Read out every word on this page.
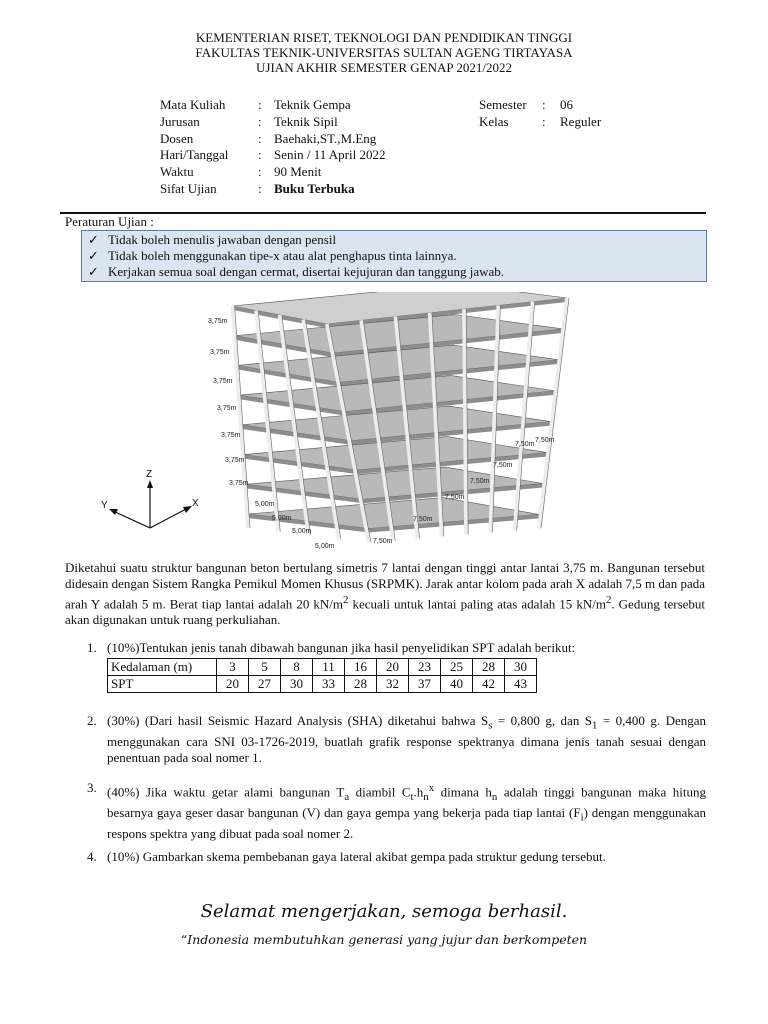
KEMENTERIAN RISET, TEKNOLOGI DAN PENDIDIKAN TINGGI
FAKULTAS TEKNIK-UNIVERSITAS SULTAN AGENG TIRTAYASA
UJIAN AKHIR SEMESTER GENAP 2021/2022
Mata Kuliah	: Teknik Gempa
Jurusan	: Teknik Sipil
Dosen	: Baehaki,ST.,M.Eng
Hari/Tanggal	: Senin / 11 April 2022
Waktu	: 90 Menit
Sifat Ujian	: Buku Terbuka
Semester	:	06
Kelas	:	Reguler
Peraturan Ujian :
✓ Tidak boleh menulis jawaban dengan pensil
✓ Tidak boleh menggunakan tipe-x atau alat penghapus tinta lainnya.
✓ Kerjakan semua soal dengan cermat, disertai kejujuran dan tanggung jawab.
3,75m
3,75m
3,75m
3,75m
3,75m
3,75m
3,75m
5,00m
5,00m
5,00m
5,00m
7,50m
7,50m
7,50m
7,50m
7,50m
7,50m
7,50m
Z
X
Y
Diketahui suatu struktur bangunan beton bertulang simetris 7 lantai dengan tinggi antar lantai 3,75 m. Bangunan tersebut didesain dengan Sistem Rangka Pemikul Momen Khusus (SRPMK). Jarak antar kolom pada arah X adalah 7,5 m dan pada arah Y adalah 5 m. Berat tiap lantai adalah 20 $kN/m^2$ kecuali untuk lantai paling atas adalah 15 $kN/m^2$. Gedung tersebut akan digunakan untuk ruang perkuliahan.
1. (10%)Tentukan jenis tanah dibawah bangunan jika hasil penyelidikan SPT adalah berikut:
Kedalaman (m)	3	5	8	11	16	20	23	25	28	30
SPT	20	27	30	33	28	32	37	40	42	43
2. (30%) (Dari hasil Seismic Hazard Analysis (SHA) diketahui bahwa $S_s = 0,800$ g, dan $S_1 = 0,400$ g. Dengan menggunakan cara SNI 03-1726-2019, buatlah grafik response spektranya dimana jenis tanah sesuai dengan penentuan pada soal nomer 1.
3. (40%) Jika waktu getar alami bangunan $T_a$ diambil $C_t.h_n^x$ dimana $h_n$ adalah tinggi bangunan maka hitung besarnya gaya geser dasar bangunan (V) dan gaya gempa yang bekerja pada tiap lantai $(F_i)$ dengan menggunakan respons spektra yang dibuat pada soal nomer 2.
4. (10%) Gambarkan skema pembebanan gaya lateral akibat gempa pada struktur gedung tersebut.
Selamat mengerjakan, semoga berhasil.
“Indonesia membutuhkan generasi yang jujur dan berkompeten
